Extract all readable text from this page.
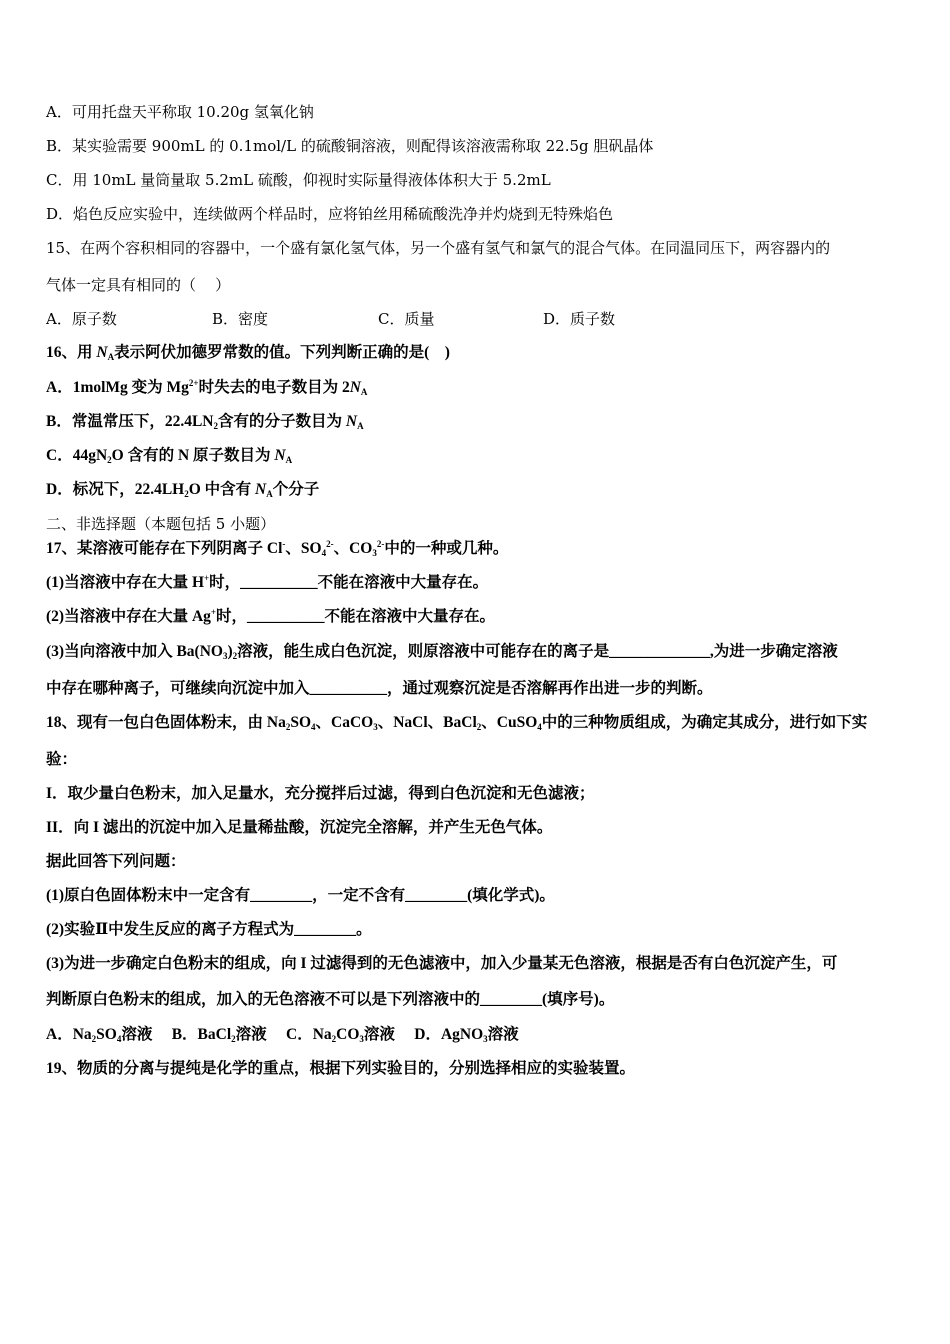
A．可用托盘天平称取 10.20g 氢氧化钠
B．某实验需要 900mL 的 0.1mol/L 的硫酸铜溶液，则配得该溶液需称取 22.5g 胆矾晶体
C．用 10mL 量筒量取 5.2mL 硫酸，仰视时实际量得液体体积大于 5.2mL
D．焰色反应实验中，连续做两个样品时，应将铂丝用稀硫酸洗净并灼烧到无特殊焰色
15、在两个容积相同的容器中，一个盛有氯化氢气体，另一个盛有氢气和氯气的混合气体。在同温同压下，两容器内的
气体一定具有相同的（    ）
A．原子数	B．密度	C．质量	D．质子数
16、用 $N_A$表示阿伏加德罗常数的值。下列判断正确的是(    )
A．1molMg 变为 $Mg^{2+}$时失去的电子数目为 $2N_A$
B．常温常压下，$22.4LN_2$含有的分子数目为 $N_A$
C．$44gN_2O$ 含有的 N 原子数目为 $N_A$
D．标况下，$22.4LH_2O$ 中含有 $N_A$个分子
二、非选择题（本题包括 5 小题）
17、某溶液可能存在下列阴离子 Cl-、$SO_4^{2-}$、$CO_3^{2-}$中的一种或几种。
(1)当溶液中存在大量 H+时，__________不能在溶液中大量存在。
(2)当溶液中存在大量 Ag+时，__________不能在溶液中大量存在。
(3)当向溶液中加入 $Ba(NO_3)_2$溶液，能生成白色沉淀，则原溶液中可能存在的离子是_____________,为进一步确定溶液
中存在哪种离子，可继续向沉淀中加入__________，通过观察沉淀是否溶解再作出进一步的判断。
18、现有一包白色固体粉末，由 $Na_2SO_4$、CaCO$_3$、NaCl、BaCl$_2$、CuSO$_4$中的三种物质组成，为确定其成分，进行如下实
验：
I．取少量白色粉末，加入足量水，充分搅拌后过滤，得到白色沉淀和无色滤液；
II．向 I 滤出的沉淀中加入足量稀盐酸，沉淀完全溶解，并产生无色气体。
据此回答下列问题：
(1)原白色固体粉末中一定含有________，一定不含有________(填化学式)。
(2)实验Ⅱ中发生反应的离子方程式为________。
(3)为进一步确定白色粉末的组成，向 I 过滤得到的无色滤液中，加入少量某无色溶液，根据是否有白色沉淀产生，可
判断原白色粉末的组成，加入的无色溶液不可以是下列溶液中的________(填序号)。
A．$Na_2SO_4$溶液     B．BaCl$_2$溶液     C．$Na_2CO_3$溶液     D．AgNO$_3$溶液
19、物质的分离与提纯是化学的重点，根据下列实验目的，分别选择相应的实验装置。
